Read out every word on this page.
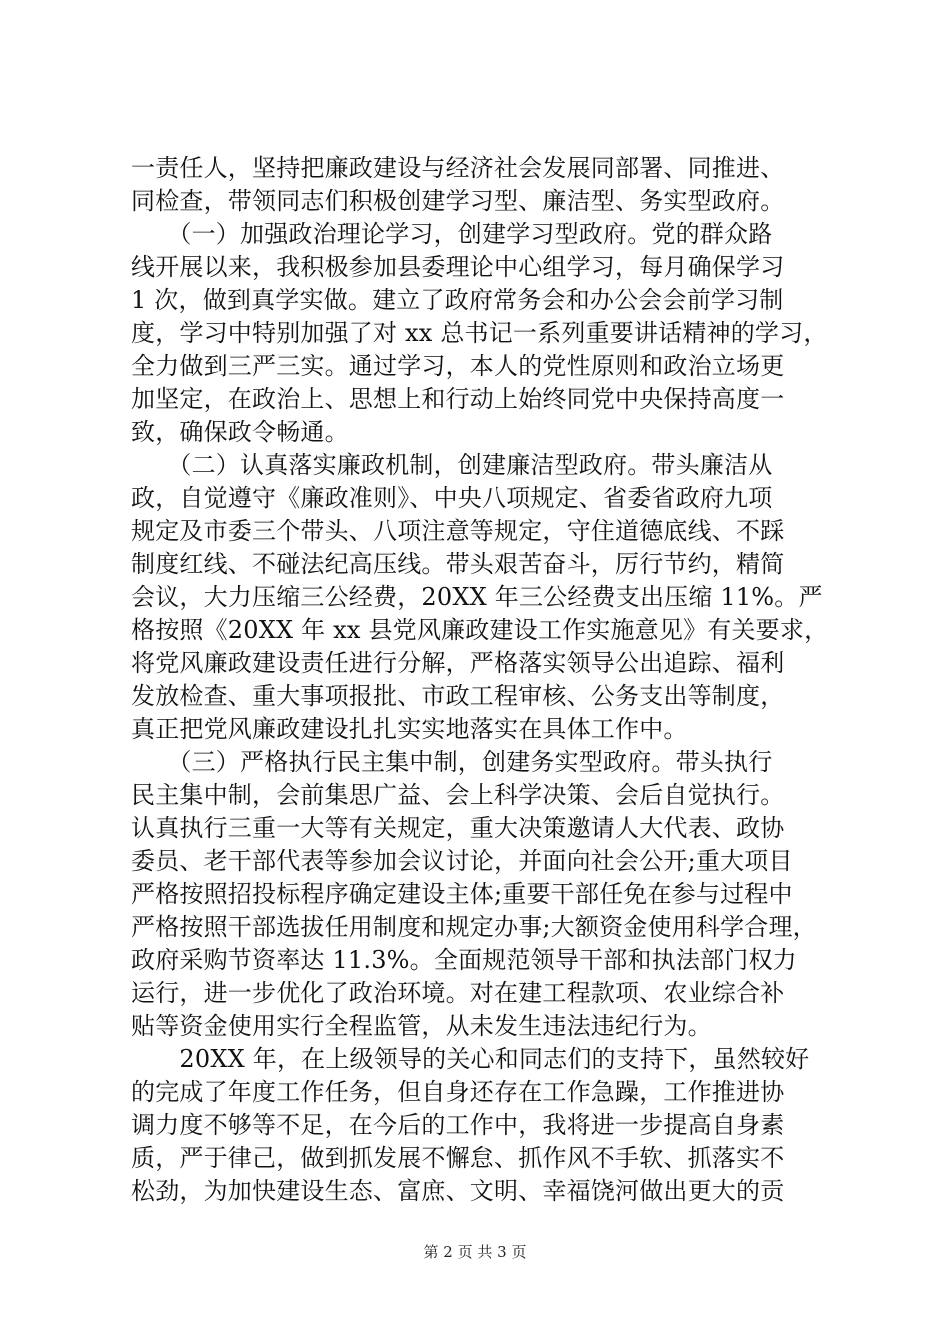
一责任人，坚持把廉政建设与经济社会发展同部署、同推进、
同检查，带领同志们积极创建学习型、廉洁型、务实型政府。
　　（一）加强政治理论学习，创建学习型政府。党的群众路
线开展以来，我积极参加县委理论中心组学习，每月确保学习
1 次，做到真学实做。建立了政府常务会和办公会会前学习制
度，学习中特别加强了对 xx 总书记一系列重要讲话精神的学习，
全力做到三严三实。通过学习，本人的党性原则和政治立场更
加坚定，在政治上、思想上和行动上始终同党中央保持高度一
致，确保政令畅通。
　　（二）认真落实廉政机制，创建廉洁型政府。带头廉洁从
政，自觉遵守《廉政准则》、中央八项规定、省委省政府九项
规定及市委三个带头、八项注意等规定，守住道德底线、不踩
制度红线、不碰法纪高压线。带头艰苦奋斗，厉行节约，精简
会议，大力压缩三公经费，20XX 年三公经费支出压缩 11%。严
格按照《20XX 年 xx 县党风廉政建设工作实施意见》有关要求，
将党风廉政建设责任进行分解，严格落实领导公出追踪、福利
发放检查、重大事项报批、市政工程审核、公务支出等制度，
真正把党风廉政建设扎扎实实地落实在具体工作中。
　　（三）严格执行民主集中制，创建务实型政府。带头执行
民主集中制，会前集思广益、会上科学决策、会后自觉执行。
认真执行三重一大等有关规定，重大决策邀请人大代表、政协
委员、老干部代表等参加会议讨论，并面向社会公开;重大项目
严格按照招投标程序确定建设主体;重要干部任免在参与过程中
严格按照干部选拔任用制度和规定办事;大额资金使用科学合理，
政府采购节资率达 11.3%。全面规范领导干部和执法部门权力
运行，进一步优化了政治环境。对在建工程款项、农业综合补
贴等资金使用实行全程监管，从未发生违法违纪行为。
　　20XX 年，在上级领导的关心和同志们的支持下，虽然较好
的完成了年度工作任务，但自身还存在工作急躁，工作推进协
调力度不够等不足，在今后的工作中，我将进一步提高自身素
质，严于律己，做到抓发展不懈怠、抓作风不手软、抓落实不
松劲，为加快建设生态、富庶、文明、幸福饶河做出更大的贡
第 2 页 共 3 页
